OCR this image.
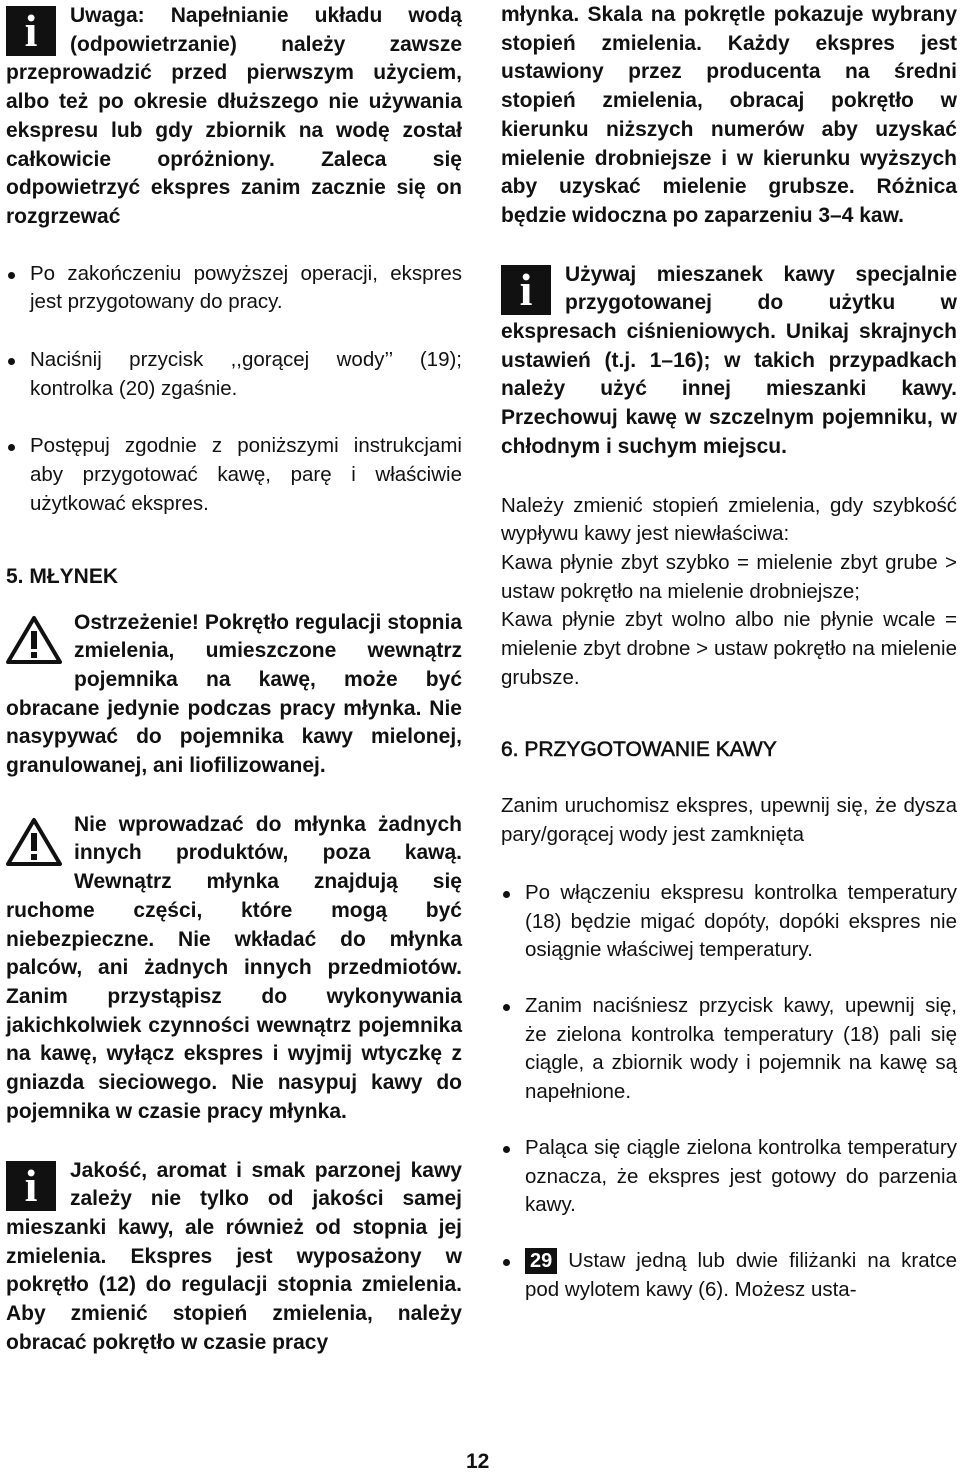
i	Uwaga: Napełnianie układu wodą (odpowietrzanie) należy zawsze przeprowadzić przed pierwszym użyciem, albo też po okresie dłuższego nie używania ekspresu lub gdy zbiornik na wodę został całkowicie opróżniony. Zaleca się odpowietrzyć ekspres zanim zacznie się on rozgrzewać

Po zakończeniu powyższej operacji, ekspres jest przygotowany do pracy.
Naciśnij przycisk ,,gorącej wody’’ (19); kontrolka (20) zgaśnie.
Postępuj zgodnie z poniższymi instrukcjami aby przygotować kawę, parę i właściwie użytkować ekspres.
5. MŁYNEK

Ostrzeżenie! Pokrętło regulacji stopnia zmielenia, umieszczone wewnątrz pojemnika na kawę, może być obracane jedynie podczas pracy młynka. Nie nasypywać do pojemnika kawy mielonej, granulowanej, ani liofilizowanej.

Nie wprowadzać do młynka żadnych innych produktów, poza kawą. Wewnątrz młynka znajdują się ruchome części, które mogą być niebezpieczne. Nie wkładać do młynka palców, ani żadnych innych przedmiotów. Zanim przystąpisz do wykonywania jakichkolwiek czynności wewnątrz pojemnika na kawę, wyłącz ekspres i wyjmij wtyczkę z gniazda sieciowego. Nie nasypuj kawy do pojemnika w czasie pracy młynka.

i	Jakość, aromat i smak parzonej kawy zależy nie tylko od jakości samej mieszanki kawy, ale również od stopnia jej zmielenia. Ekspres jest wyposażony w pokrętło (12) do regulacji stopnia zmielenia. Aby zmienić stopień zmielenia, należy obracać pokrętło w czasie pracy

młynka. Skala na pokrętle pokazuje wybrany stopień zmielenia. Każdy ekspres jest ustawiony przez producenta na średni stopień zmielenia, obracaj pokrętło w kierunku niższych numerów aby uzyskać mielenie drobniejsze i w kierunku wyższych aby uzyskać mielenie grubsze. Różnica będzie widoczna po zaparzeniu 3–4 kaw.

i	Używaj mieszanek kawy specjalnie przygotowanej do użytku w ekspresach ciśnieniowych. Unikaj skrajnych ustawień (t.j. 1–16); w takich przypadkach należy użyć innej mieszanki kawy. Przechowuj kawę w szczelnym pojemniku, w chłodnym i suchym miejscu.

Należy zmienić stopień zmielenia, gdy szybkość wypływu kawy jest niewłaściwa:

Kawa płynie zbyt szybko = mielenie zbyt grube > ustaw pokrętło na mielenie drobniejsze;

Kawa płynie zbyt wolno albo nie płynie wcale = mielenie zbyt drobne > ustaw pokrętło na mielenie grubsze.

6. PRZYGOTOWANIE KAWY

Zanim uruchomisz ekspres, upewnij się, że dysza pary/gorącej wody jest zamknięta

Po włączeniu ekspresu kontrolka temperatury (18) będzie migać dopóty, dopóki ekspres nie osiągnie właściwej temperatury.
Zanim naciśniesz przycisk kawy, upewnij się, że zielona kontrolka temperatury (18) pali się ciągle, a zbiornik wody i pojemnik na kawę są napełnione.
Paląca się ciągle zielona kontrolka temperatury oznacza, że ekspres jest gotowy do parzenia kawy.
29 Ustaw jedną lub dwie filiżanki na kratce pod wylotem kawy (6). Możesz usta-
12
